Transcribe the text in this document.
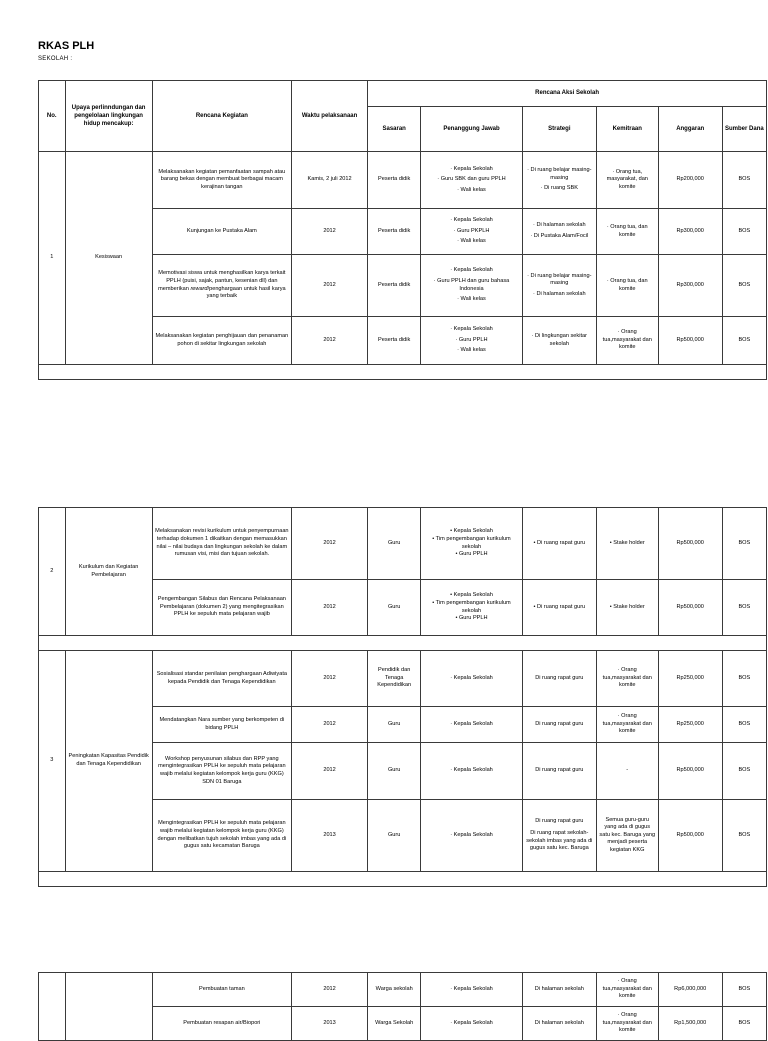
RKAS PLH
SEKOLAH :
No.	Upaya perlinndungan dan pengelolaan lingkungan hidup mencakup:	Rencana Kegiatan	Waktu pelaksanaan	Rencana Aksi Sekolah					
				Sasaran	Penanggung Jawab	Strategi	Kemitraan	Anggaran	Sumber Dana
1	Kesiswaan	Melaksanakan kegiatan pemanfaatan sampah atau barang bekas dengan membuat berbagai macam kerajinan tangan	Kamis, 2 juli 2012	Peserta didik	· Kepala Sekolah
· Guru SBK dan guru PPLH
· Wali kelas	· Di ruang belajar masing-masing
· Di ruang SBK	· Orang tua, masyarakat, dan komite	Rp200,000	BOS
		Kunjungan ke Pustaka Alam	2012	Peserta didik	· Kepala Sekolah
· Guru PKPLH
· Wali kelas	· Di halaman sekolah
· Di Pustaka Alam/Focil	· Orang tua, dan komite	Rp300,000	BOS
		Memotivasi siswa untuk menghasilkan karya terkait PPLH (puisi, sajak, pantun, kesenian dll) dan memberikan reward/penghargaan untuk hasil karya yang terbaik	2012	Peserta didik	· Kepala Sekolah
· Guru PPLH dan guru bahasa Indonesia
· Wali kelas	· Di ruang belajar masing-masing
· Di halaman sekolah	· Orang tua, dan komite	Rp300,000	BOS
		Melaksanakan kegiatan penghijauan dan penanaman pohon di sekitar lingkungan sekolah	2012	Peserta didik	· Kepala Sekolah
· Guru PPLH
· Wali kelas	· Di lingkungan sekitar sekolah	· Orang tua,masyarakat dan komite	Rp500,000	BOS

2	Kurikulum dan Kegiatan Pembelajaran	Melaksanakan revisi kurikulum untuk penyempurnaan terhadap dokumen 1 dikaitkan dengan memasukkan nilai – nilai budaya dan lingkungan sekolah ke dalam rumusan visi, misi dan tujuan sekolah.	2012	Guru	• Kepala Sekolah
• Tim pengembangan kurikulum sekolah
• Guru PPLH	• Di ruang rapat guru	• Stake holder	Rp500,000	BOS
		Pengembangan Silabus dan Rencana Pelaksanaan Pembelajaran (dokumen 2) yang mengitegrasikan PPLH ke sepuluh mata pelajaran wajib	2012	Guru	• Kepala Sekolah
• Tim pengembangan kurikulum sekolah
• Guru PPLH	• Di ruang rapat guru	• Stake holder	Rp500,000	BOS

3	Peningkatan Kapasitas Pendidik dan Tenaga Kependidikan	Sosialisasi standar penilaian penghargaan Adiwiyata kepada Pendidik dan Tenaga Kependidikan	2012	Pendidik dan Tenaga Kependidikan	· Kepala Sekolah	Di ruang rapat guru	· Orang tua,masyarakat dan komite	Rp250,000	BOS
		Mendatangkan Nara sumber yang berkompeten di bidang PPLH	2012	Guru	· Kepala Sekolah	Di ruang rapat guru	· Orang tua,masyarakat dan komite	Rp250,000	BOS
		Workshop penyusunan silabus dan RPP yang mengintegrasikan PPLH ke sepuluh mata pelajaran wajib melalui kegiatan kelompok kerja guru (KKG) SDN 01 Baruga	2012	Guru	· Kepala Sekolah	Di ruang rapat guru	-	Rp500,000	BOS
		Mengintegrasikan PPLH ke sepuluh mata pelajaran wajib melalui kegiatan kelompok kerja guru (KKG) dengan melibatkan tujuh sekolah imbas yang ada di gugus satu kecamatan Baruga	2013	Guru	· Kepala Sekolah	Di ruang rapat guru
Di ruang rapat sekolah-sekolah imbas yang ada di gugus satu kec. Baruga	Semua guru-guru yang ada di gugus satu kec. Baruga yang menjadi peserta kegiatan KKG	Rp500,000	BOS

		Pembuatan taman	2012	Warga sekolah	· Kepala Sekolah	Di halaman sekolah	· Orang tua,masyarakat dan komite	Rp6,000,000	BOS
		Pembuatan resapan air/Biopori	2013	Warga Sekolah	· Kepala Sekolah	Di halaman sekolah	· Orang tua,masyarakat dan komite	Rp1,500,000	BOS
